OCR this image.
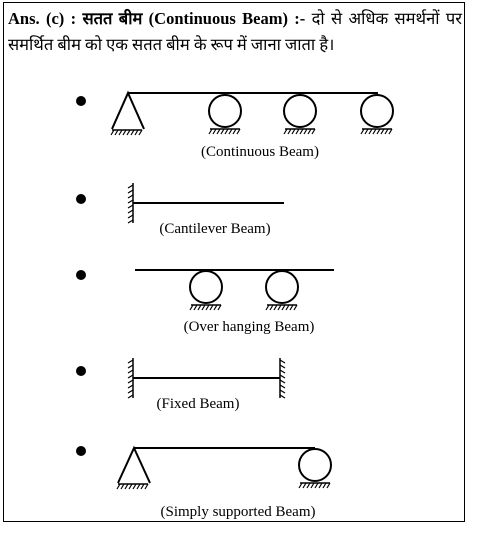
Ans. (c) : सतत बीम (Continuous Beam) :- दो से अधिक समर्थनों पर समर्थित बीम को एक सतत बीम के रूप में जाना जाता है।
(Continuous Beam)
(Cantilever Beam)
(Over hanging Beam)
(Fixed Beam)
(Simply supported Beam)
